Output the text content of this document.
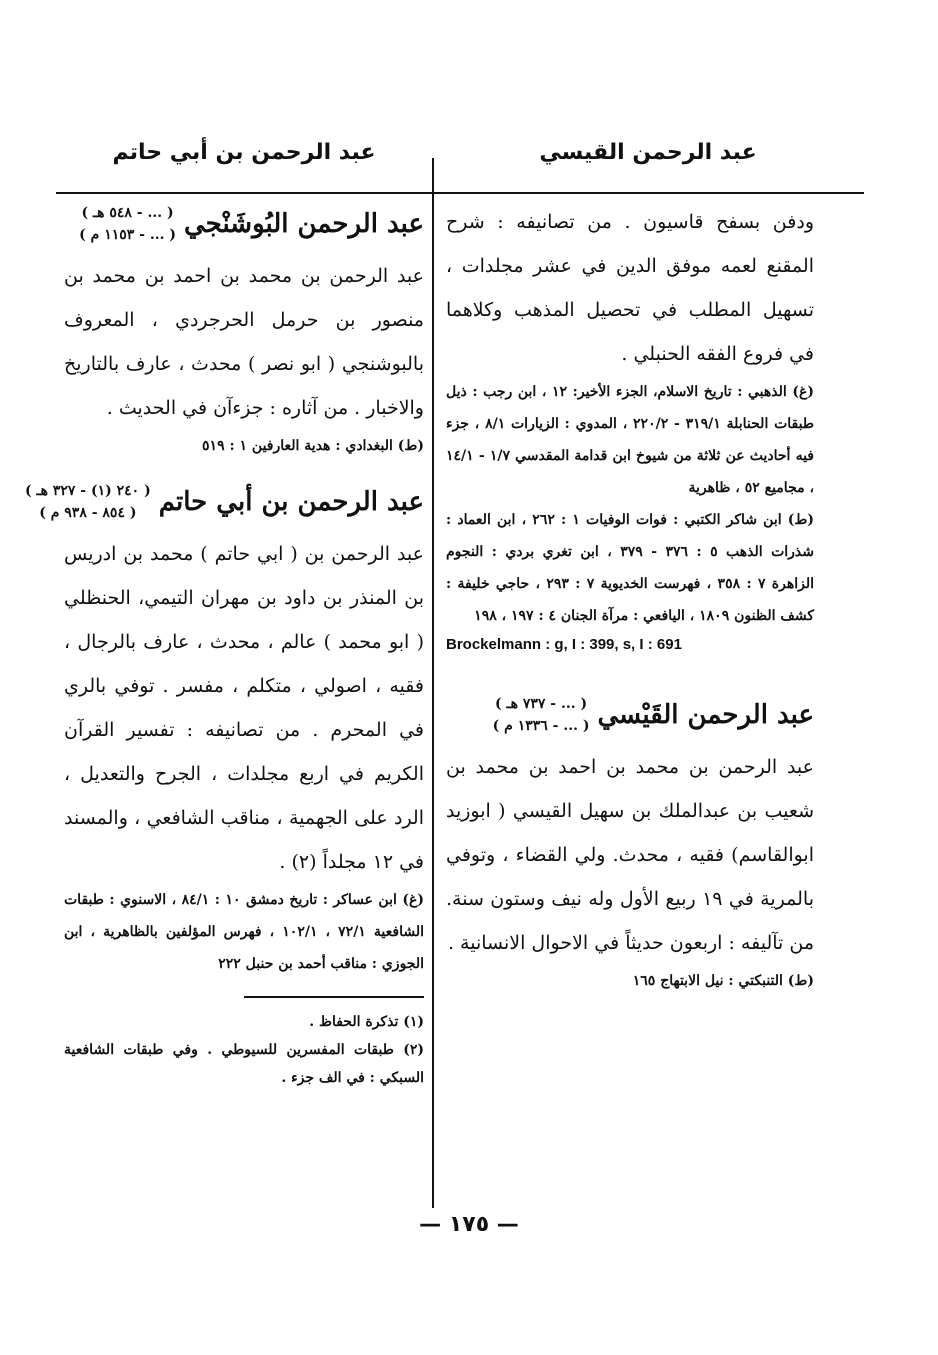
عبد الرحمن القيسي
عبد الرحمن بن أبي حاتم

ودفن بسفح قاسيون . من تصانيفه : شرح المقنع لعمه موفق الدين في عشر مجلدات ، تسهيل المطلب في تحصيل المذهب وكلاهما في فروع الفقه الحنبلي .

(غ) الذهبي : تاريخ الاسلام، الجزء الأخير: ١٢ ، ابن رجب : ذيل طبقات الحنابلة ٣١٩/١ - ٢٢٠/٢ ، المدوي : الزيارات ٨/١ ، جزء فيه أحاديث عن ثلاثة من شيوخ ابن قدامة المقدسي ١/٧ - ١٤/١ ، مجاميع ٥٢ ، ظاهرية

(ط) ابن شاكر الكتبي : فوات الوفيات ١ : ٢٦٢ ، ابن العماد : شذرات الذهب ٥ : ٣٧٦ - ٣٧٩ ، ابن تغري بردي : النجوم الزاهرة ٧ : ٣٥٨ ، فهرست الخديوية ٧ : ٢٩٣ ، حاجي خليفة : كشف الظنون ١٨٠٩ ، اليافعي : مرآة الجنان ٤ : ١٩٧ ، ١٩٨

Brockelmann : g, I : 399, s, I : 691

عبد الرحمن القَيْسي
( ... - ٧٣٧ هـ )
( ... - ١٣٣٦ م )

عبد الرحمن بن محمد بن احمد بن محمد بن شعيب بن عبدالملك بن سهيل القيسي ( ابوزيد ابوالقاسم) فقيه ، محدث. ولي القضاء ، وتوفي بالمرية في ١٩ ربيع الأول وله نيف وستون سنة. من تآليفه : اربعون حديثاً في الاحوال الانسانية .

(ط) التنبكتي : نيل الابتهاج ١٦٥

عبد الرحمن البُوشَنْجي
( ... - ٥٤٨ هـ )
( ... - ١١٥٣ م )

عبد الرحمن بن محمد بن احمد بن محمد بن منصور بن حرمل الحرجردي ، المعروف بالبوشنجي ( ابو نصر ) محدث ، عارف بالتاريخ والاخبار . من آثاره : جزءآن في الحديث .

(ط) البغدادي : هدية العارفين ١ : ٥١٩

عبد الرحمن بن أبي حاتم
( ٢٤٠ (١) - ٣٢٧ هـ )
( ٨٥٤ - ٩٣٨ م )

عبد الرحمن بن ( ابي حاتم ) محمد بن ادريس بن المنذر بن داود بن مهران التيمي، الحنظلي ( ابو محمد ) عالم ، محدث ، عارف بالرجال ، فقيه ، اصولي ، متكلم ، مفسر . توفي بالري في المحرم . من تصانيفه : تفسير القرآن الكريم في اربع مجلدات ، الجرح والتعديل ، الرد على الجهمية ، مناقب الشافعي ، والمسند في ١٢ مجلداً (٢) .

(غ) ابن عساكر : تاريخ دمشق ١٠ : ٨٤/١ ، الاسنوي : طبقات الشافعية ٧٢/١ ، ١٠٢/١ ، فهرس المؤلفين بالظاهرية ، ابن الجوزي : مناقب أحمد بن حنبل ٢٢٢

(١) تذكرة الحفاظ .

(٢) طبقات المفسرين للسيوطي . وفي طبقات الشافعية السبكي : في الف جزء .

— ١٧٥ —
